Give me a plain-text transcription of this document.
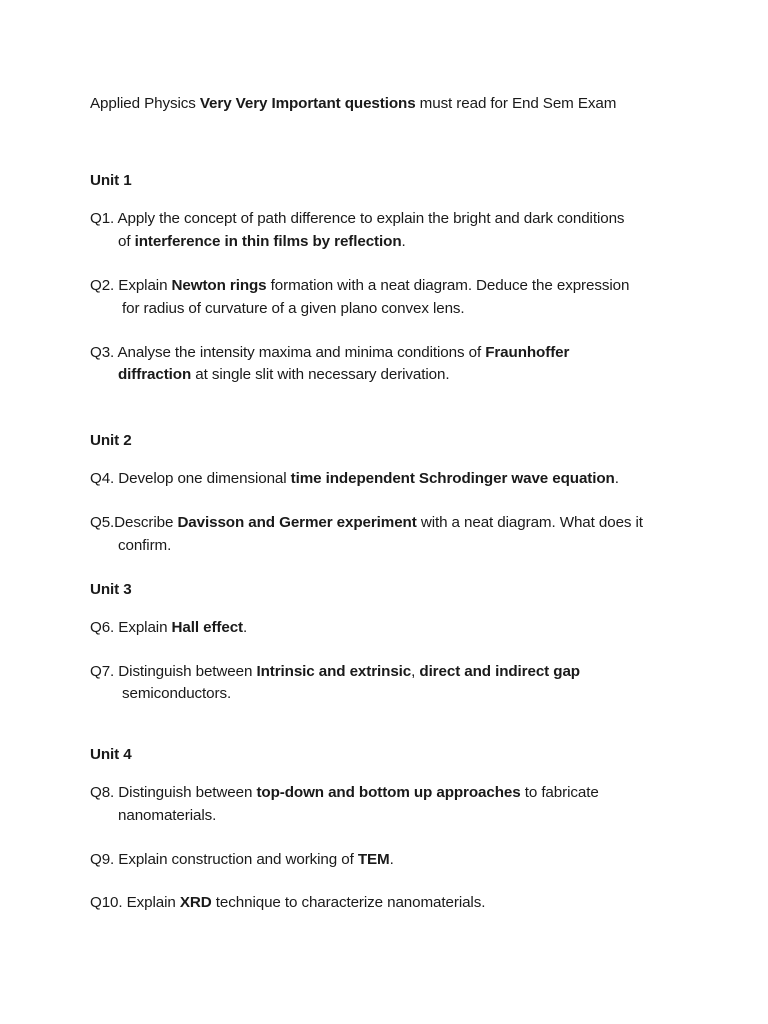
Applied Physics Very Very Important questions must read for End Sem Exam
Unit 1
Q1. Apply the concept of path difference to explain the bright and dark conditions
of interference in thin films by reflection.
Q2. Explain Newton rings formation with a neat diagram. Deduce the expression
for radius of curvature of a given plano convex lens.
Q3. Analyse the intensity maxima and minima conditions of Fraunhoffer
diffraction at single slit with necessary derivation.
Unit 2
Q4. Develop one dimensional time independent Schrodinger wave equation.
Q5.Describe Davisson and Germer experiment with a neat diagram. What does it
confirm.
Unit 3
Q6. Explain Hall effect.
Q7. Distinguish between Intrinsic and extrinsic, direct and indirect gap
semiconductors.
Unit 4
Q8. Distinguish between top-down and bottom up approaches to fabricate
nanomaterials.
Q9. Explain construction and working of TEM.
Q10. Explain XRD technique to characterize nanomaterials.
